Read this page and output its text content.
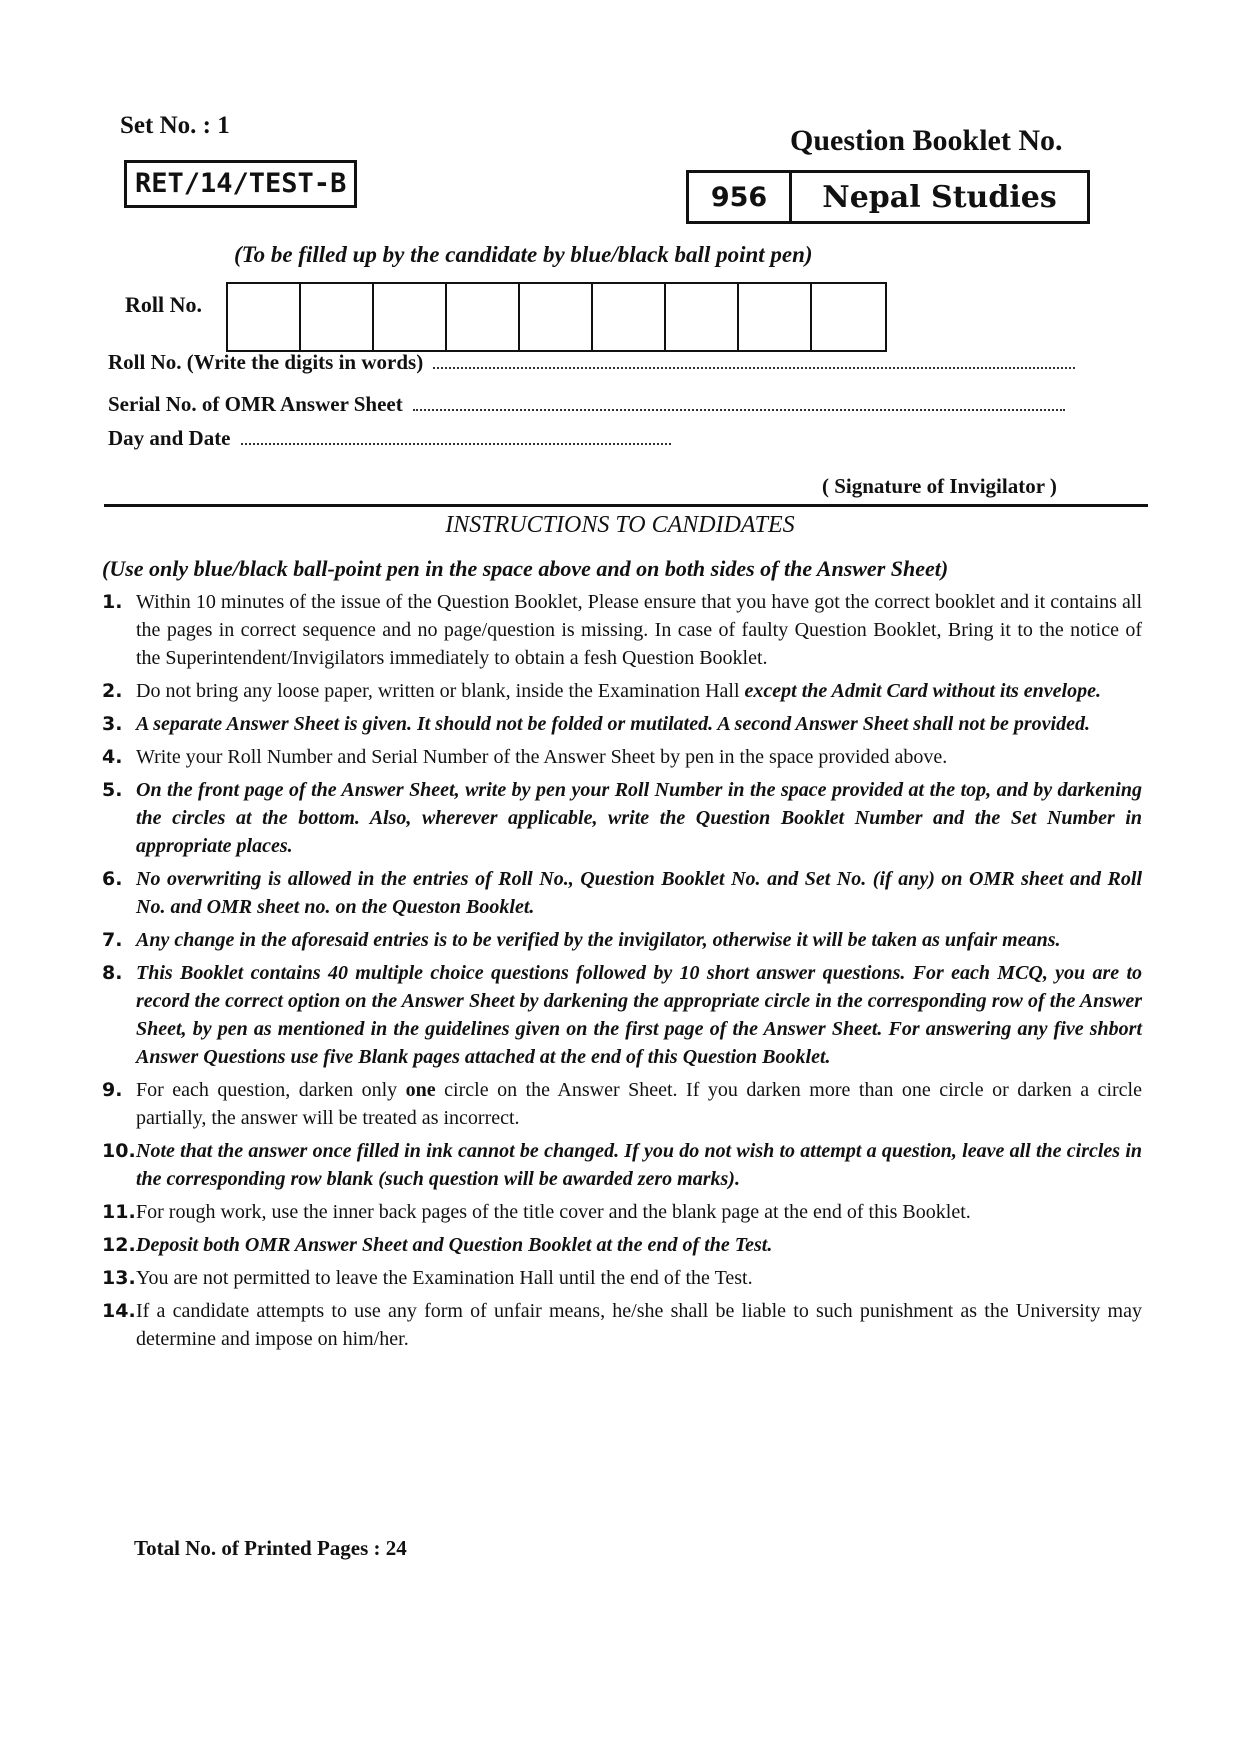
Set No. : 1
RET/14/TEST-B
Question Booklet No.
956	Nepal Studies
(To be filled up by the candidate by blue/black ball point pen)
Roll No.
Roll No. (Write the digits in words)
Serial No. of OMR Answer Sheet
Day and Date
( Signature of Invigilator )
INSTRUCTIONS TO CANDIDATES
(Use only blue/black ball-point pen in the space above and on both sides of the Answer Sheet)
1. Within 10 minutes of the issue of the Question Booklet, Please ensure that you have got the correct booklet and it contains all the pages in correct sequence and no page/question is missing. In case of faulty Question Booklet, Bring it to the notice of the Superintendent/Invigilators immediately to obtain a fesh Question Booklet.
2. Do not bring any loose paper, written or blank, inside the Examination Hall except the Admit Card without its envelope.
3. A separate Answer Sheet is given. It should not be folded or mutilated. A second Answer Sheet shall not be provided.
4. Write your Roll Number and Serial Number of the Answer Sheet by pen in the space provided above.
5. On the front page of the Answer Sheet, write by pen your Roll Number in the space provided at the top, and by darkening the circles at the bottom. Also, wherever applicable, write the Question Booklet Number and the Set Number in appropriate places.
6. No overwriting is allowed in the entries of Roll No., Question Booklet No. and Set No. (if any) on OMR sheet and Roll No. and OMR sheet no. on the Queston Booklet.
7. Any change in the aforesaid entries is to be verified by the invigilator, otherwise it will be taken as unfair means.
8. This Booklet contains 40 multiple choice questions followed by 10 short answer questions. For each MCQ, you are to record the correct option on the Answer Sheet by darkening the appropriate circle in the corresponding row of the Answer Sheet, by pen as mentioned in the guidelines given on the first page of the Answer Sheet. For answering any five shbort Answer Questions use five Blank pages attached at the end of this Question Booklet.
9. For each question, darken only one circle on the Answer Sheet. If you darken more than one circle or darken a circle partially, the answer will be treated as incorrect.
10. Note that the answer once filled in ink cannot be changed. If you do not wish to attempt a question, leave all the circles in the corresponding row blank (such question will be awarded zero marks).
11. For rough work, use the inner back pages of the title cover and the blank page at the end of this Booklet.
12. Deposit both OMR Answer Sheet and Question Booklet at the end of the Test.
13. You are not permitted to leave the Examination Hall until the end of the Test.
14. If a candidate attempts to use any form of unfair means, he/she shall be liable to such punishment as the University may determine and impose on him/her.
Total No. of Printed Pages : 24
